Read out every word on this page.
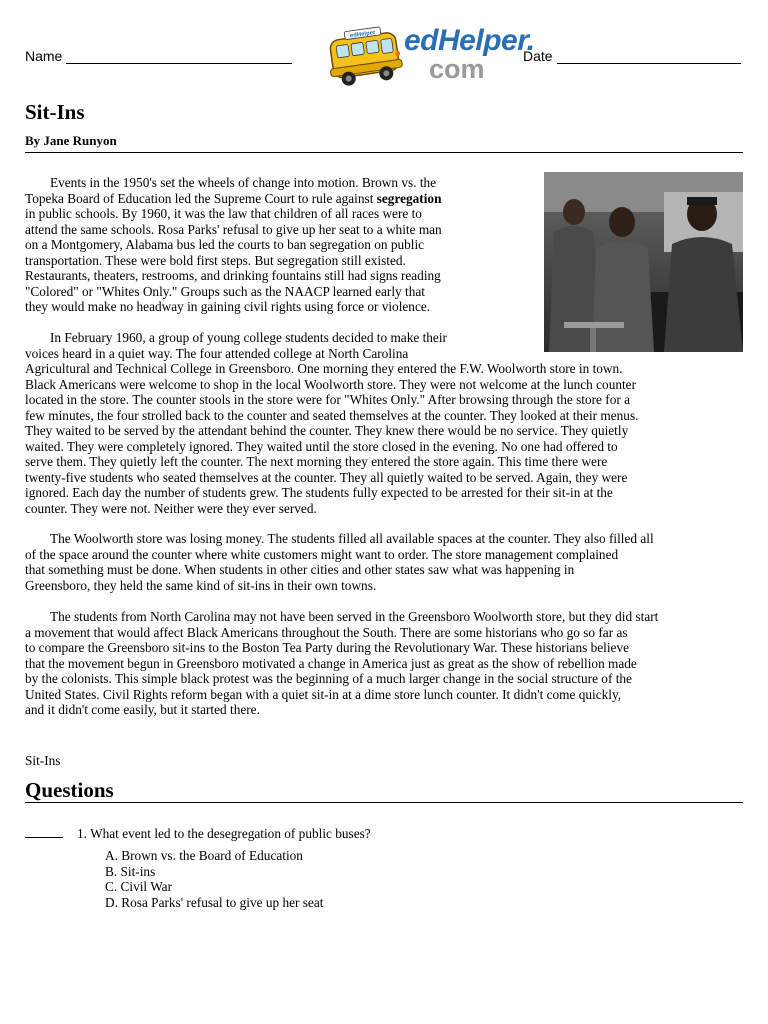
Name
edHelper edHelper.
com	Date
Sit-Ins
By Jane Runyon
Events in the 1950's set the wheels of change into motion. Brown vs. the
Topeka Board of Education led the Supreme Court to rule against segregation
in public schools. By 1960, it was the law that children of all races were to
attend the same schools. Rosa Parks' refusal to give up her seat to a white man
on a Montgomery, Alabama bus led the courts to ban segregation on public
transportation. These were bold first steps. But segregation still existed.
Restaurants, theaters, restrooms, and drinking fountains still had signs reading
"Colored" or "Whites Only." Groups such as the NAACP learned early that
they would make no headway in gaining civil rights using force or violence.
In February 1960, a group of young college students decided to make their
voices heard in a quiet way. The four attended college at North Carolina
Agricultural and Technical College in Greensboro. One morning they entered the F.W. Woolworth store in town.
Black Americans were welcome to shop in the local Woolworth store. They were not welcome at the lunch counter
located in the store. The counter stools in the store were for "Whites Only." After browsing through the store for a
few minutes, the four strolled back to the counter and seated themselves at the counter. They looked at their menus.
They waited to be served by the attendant behind the counter. They knew there would be no service. They quietly
waited. They were completely ignored. They waited until the store closed in the evening. No one had offered to
serve them. They quietly left the counter. The next morning they entered the store again. This time there were
twenty-five students who seated themselves at the counter. They all quietly waited to be served. Again, they were
ignored. Each day the number of students grew. The students fully expected to be arrested for their sit-in at the
counter. They were not. Neither were they ever served.
The Woolworth store was losing money. The students filled all available spaces at the counter. They also filled all
of the space around the counter where white customers might want to order. The store management complained
that something must be done. When students in other cities and other states saw what was happening in
Greensboro, they held the same kind of sit-ins in their own towns.
The students from North Carolina may not have been served in the Greensboro Woolworth store, but they did start
a movement that would affect Black Americans throughout the South. There are some historians who go so far as
to compare the Greensboro sit-ins to the Boston Tea Party during the Revolutionary War. These historians believe
that the movement begun in Greensboro motivated a change in America just as great as the show of rebellion made
by the colonists. This simple black protest was the beginning of a much larger change in the social structure of the
United States. Civil Rights reform began with a quiet sit-in at a dime store lunch counter. It didn't come quickly,
and it didn't come easily, but it started there.
Sit-Ins
Questions
1. What event led to the desegregation of public buses?
A. Brown vs. the Board of Education
B. Sit-ins
C. Civil War
D. Rosa Parks' refusal to give up her seat
